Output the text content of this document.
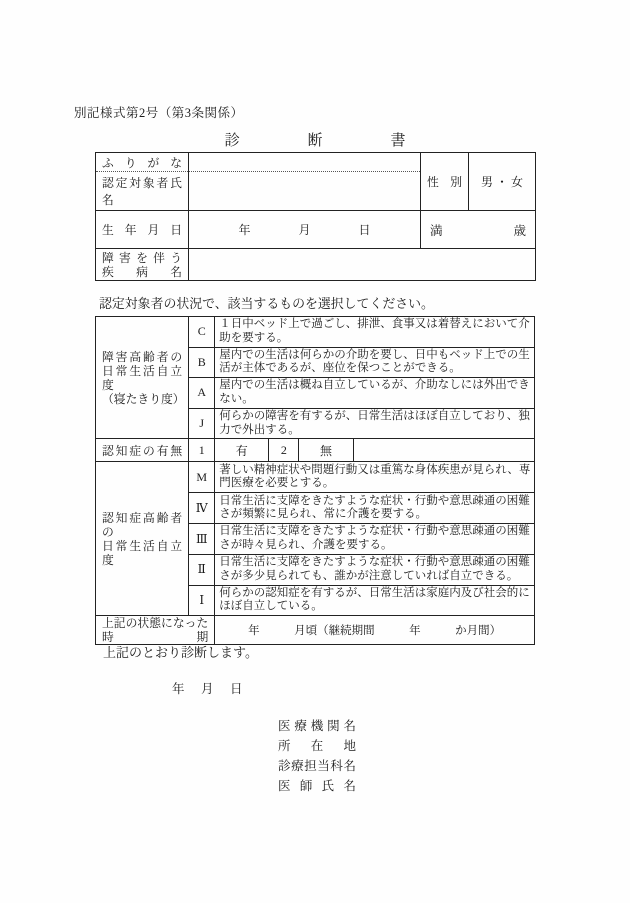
別記様式第2号（第3条関係）
診	断	書
ふりがな		性別	男 ・ 女

認定対象者氏名			

生年月日	年　　　　月　　　　日	満 歳	

障害を伴う
疾病名			

認定対象者の状況で、該当するものを選択してください。
障害高齢者の
日常生活自立度
（寝たきり度）	C	１日中ベッド上で過ごし、排泄、食事又は着替えにおいて介助を要する。			
	B	屋内での生活は何らかの介助を要し、日中もベッド上での生活が主体であるが、座位を保つことができる。			
	A	屋内での生活は概ね自立しているが、介助なしには外出できない。			
	J	何らかの障害を有するが、日常生活はほぼ自立しており、独力で外出する。			

認知症の有無	1	有	2	無	

認知症高齢者の
日常生活自立度	M	著しい精神症状や問題行動又は重篤な身体疾患が見られ、専門医療を必要とする。			
	Ⅳ	日常生活に支障をきたすような症状・行動や意思疎通の困難さが頻繁に見られ、常に介護を要する。			
	Ⅲ	日常生活に支障をきたすような症状・行動や意思疎通の困難さが時々見られ、介護を要する。			
	Ⅱ	日常生活に支障をきたすような症状・行動や意思疎通の困難さが多少見られても、誰かが注意していれば自立できる。			
	Ⅰ	何らかの認知症を有するが、日常生活は家庭内及び社会的にほぼ自立している。			

上記の状態になった
時期		年　　　月頃（継続期間　　　年　　　か月間）			
上記のとおり診断します。
年　月　日
医療機関名
所在地
診療担当科名
医師氏名
